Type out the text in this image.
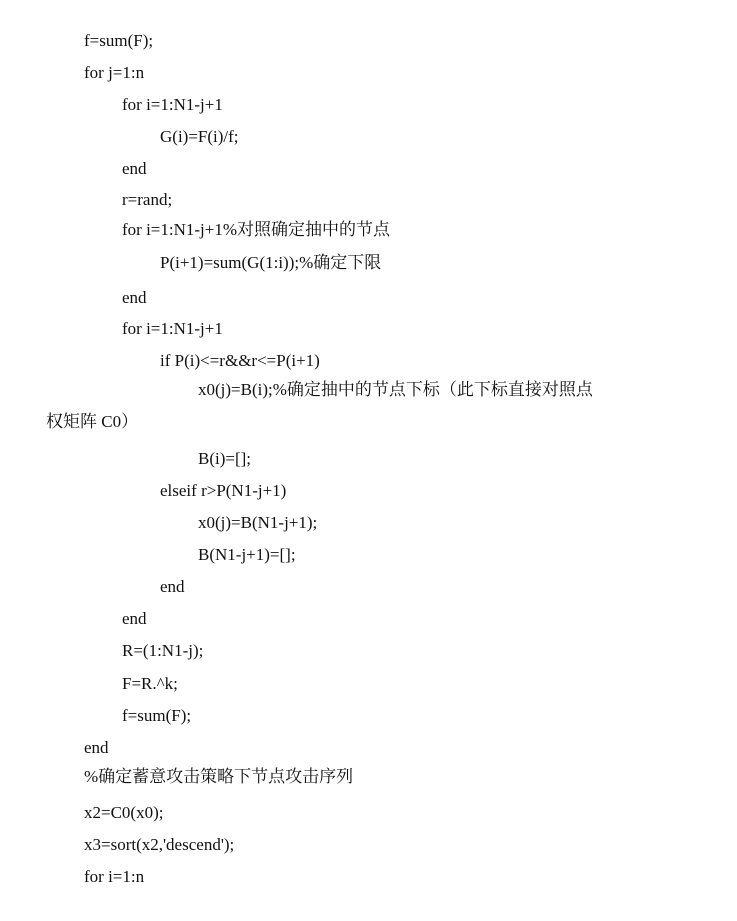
f=sum(F);
for j=1:n
for i=1:N1-j+1
G(i)=F(i)/f;
end
r=rand;
for i=1:N1-j+1%对照确定抽中的节点
P(i+1)=sum(G(1:i));%确定下限
end
for i=1:N1-j+1
if P(i)<=r&&r<=P(i+1)
x0(j)=B(i);%确定抽中的节点下标（此下标直接对照点
权矩阵 C0）
B(i)=[];
elseif r>P(N1-j+1)
x0(j)=B(N1-j+1);
B(N1-j+1)=[];
end
end
R=(1:N1-j);
F=R.^k;
f=sum(F);
end
%确定蓄意攻击策略下节点攻击序列
x2=C0(x0);
x3=sort(x2,'descend');
for i=1:n
